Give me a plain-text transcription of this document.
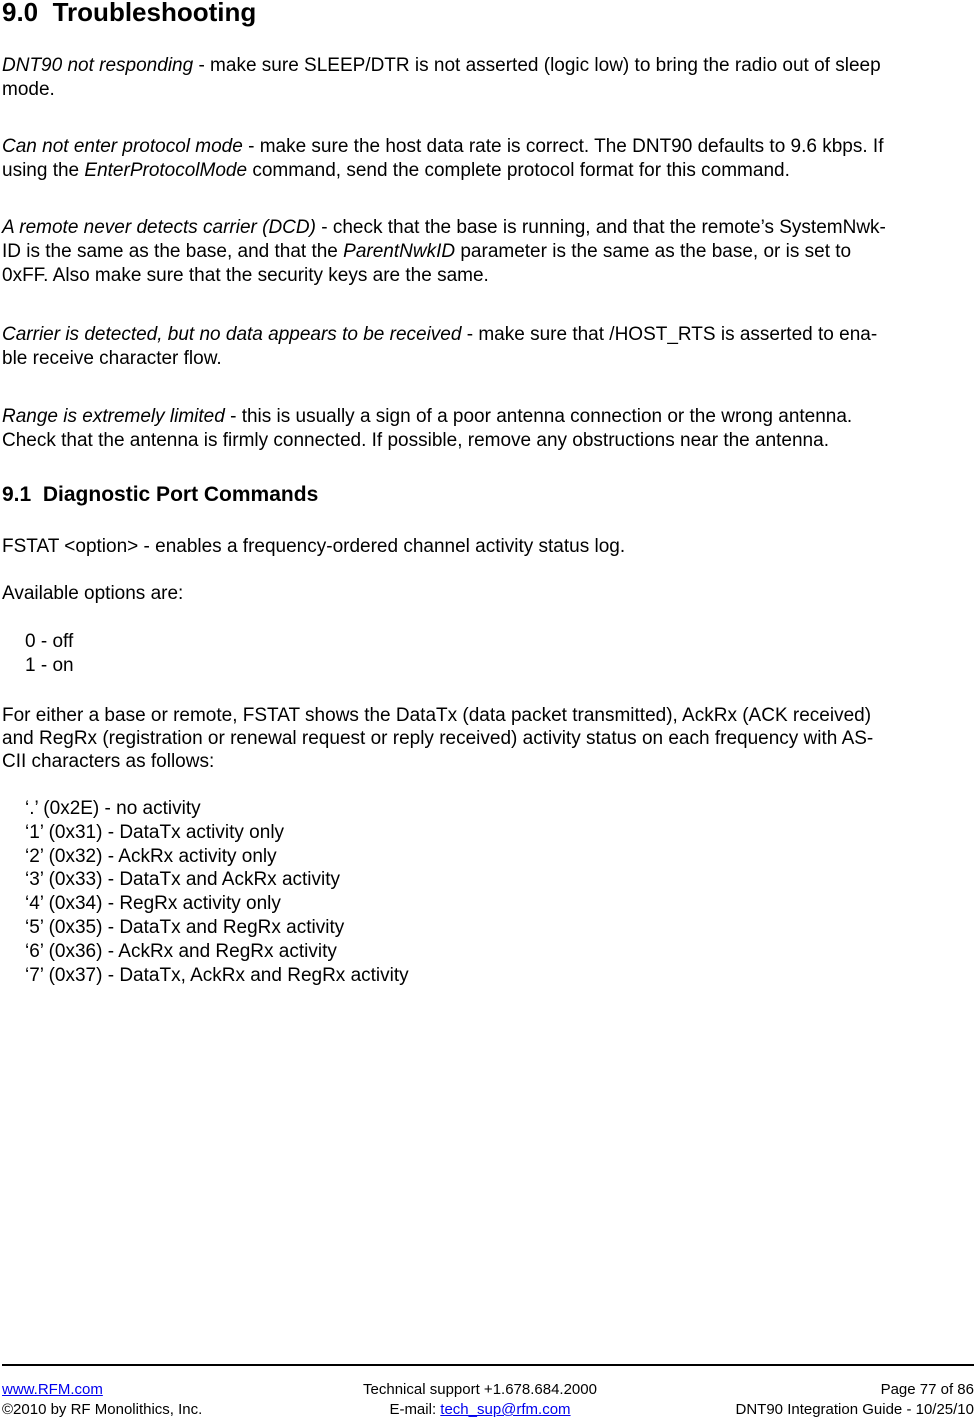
9.0 Troubleshooting
DNT90 not responding - make sure SLEEP/DTR is not asserted (logic low) to bring the radio out of sleep
mode.
Can not enter protocol mode - make sure the host data rate is correct. The DNT90 defaults to 9.6 kbps. If
using the EnterProtocolMode command, send the complete protocol format for this command.
A remote never detects carrier (DCD) - check that the base is running, and that the remote’s SystemNwk-
ID is the same as the base, and that the ParentNwkID parameter is the same as the base, or is set to
0xFF. Also make sure that the security keys are the same.
Carrier is detected, but no data appears to be received - make sure that /HOST_RTS is asserted to ena-
ble receive character flow.
Range is extremely limited - this is usually a sign of a poor antenna connection or the wrong antenna.
Check that the antenna is firmly connected. If possible, remove any obstructions near the antenna.
9.1 Diagnostic Port Commands
FSTAT <option> - enables a frequency-ordered channel activity status log.
Available options are:
0 - off
1 - on
For either a base or remote, FSTAT shows the DataTx (data packet transmitted), AckRx (ACK received)
and RegRx (registration or renewal request or reply received) activity status on each frequency with AS-
CII characters as follows:
‘.’ (0x2E) - no activity
‘1’ (0x31) - DataTx activity only
‘2’ (0x32) - AckRx activity only
‘3’ (0x33) - DataTx and AckRx activity
‘4’ (0x34) - RegRx activity only
‘5’ (0x35) - DataTx and RegRx activity
‘6’ (0x36) - AckRx and RegRx activity
‘7’ (0x37) - DataTx, AckRx and RegRx activity
www.RFM.com
©2010 by RF Monolithics, Inc.
Technical support +1.678.684.2000
E-mail: tech_sup@rfm.com
Page 77 of 86
DNT90 Integration Guide - 10/25/10
